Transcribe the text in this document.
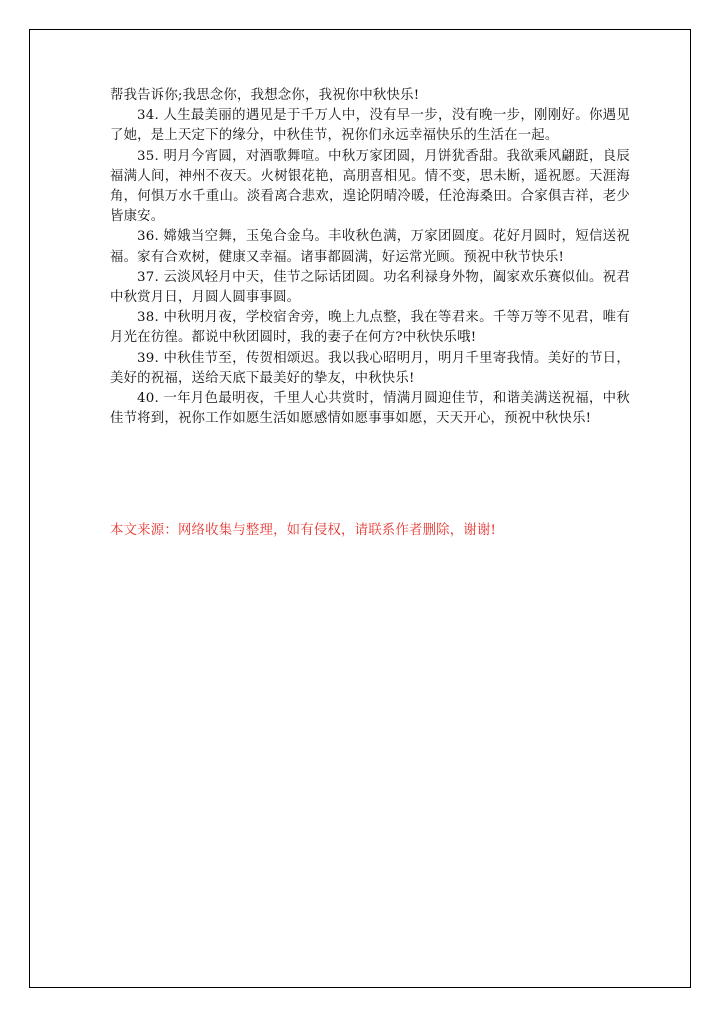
帮我告诉你;我思念你，我想念你，我祝你中秋快乐!

34. 人生最美丽的遇见是于千万人中，没有早一步，没有晚一步，刚刚好。你遇见了她，是上天定下的缘分，中秋佳节，祝你们永远幸福快乐的生活在一起。

35. 明月今宵圆，对酒歌舞喧。中秋万家团圆，月饼犹香甜。我欲乘风翩跹，良辰福满人间，神州不夜天。火树银花艳，高朋喜相见。情不变，思未断，遥祝愿。天涯海角，何惧万水千重山。淡看离合悲欢，遑论阴晴冷暖，任沧海桑田。合家俱吉祥，老少皆康安。

36. 嫦娥当空舞，玉兔合金乌。丰收秋色满，万家团圆度。花好月圆时，短信送祝福。家有合欢树，健康又幸福。诸事都圆满，好运常光顾。预祝中秋节快乐!

37. 云淡风轻月中天，佳节之际话团圆。功名利禄身外物，阖家欢乐赛似仙。祝君中秋赏月日，月圆人圆事事圆。

38. 中秋明月夜，学校宿舍旁，晚上九点整，我在等君来。千等万等不见君，唯有月光在彷徨。都说中秋团圆时，我的妻子在何方?中秋快乐哦!

39. 中秋佳节至，传贺相颂迟。我以我心昭明月，明月千里寄我情。美好的节日，美好的祝福，送给天底下最美好的挚友，中秋快乐!

40. 一年月色最明夜，千里人心共赏时，情满月圆迎佳节，和谐美满送祝福，中秋佳节将到，祝你工作如愿生活如愿感情如愿事事如愿，天天开心，预祝中秋快乐!

本文来源：网络收集与整理，如有侵权，请联系作者删除，谢谢!
